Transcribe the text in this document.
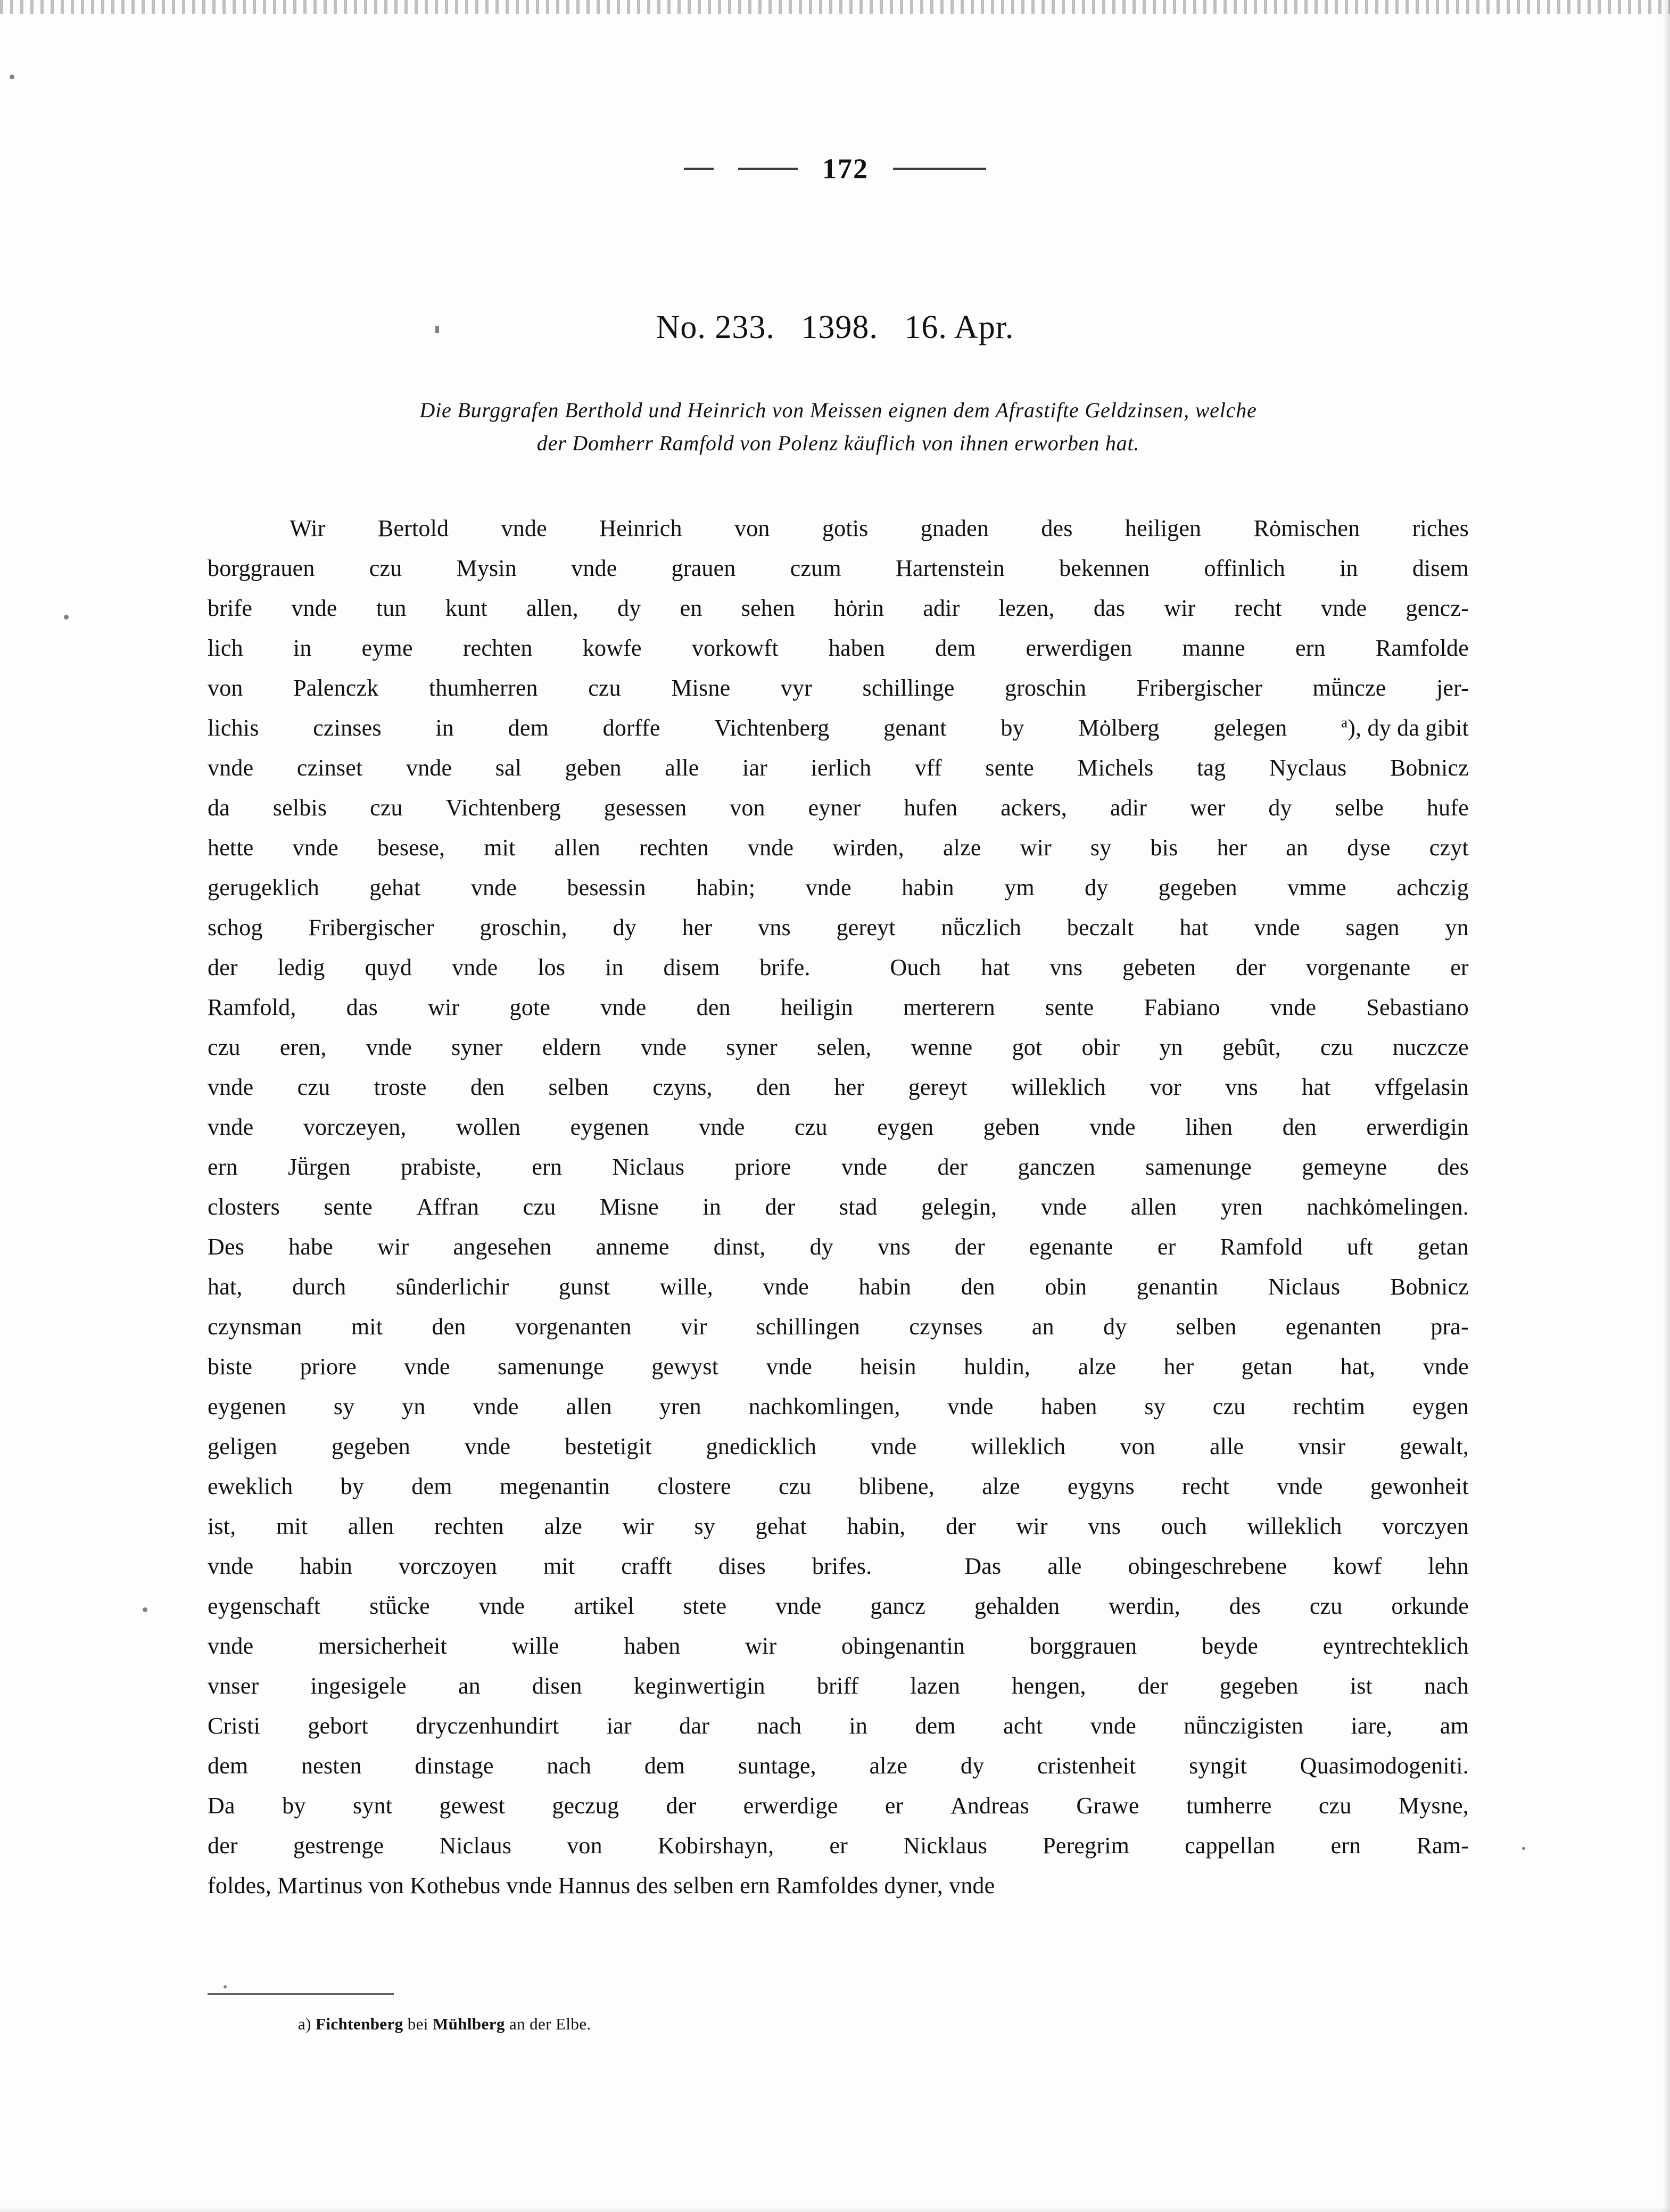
172
No. 233.   1398.   16. Apr.
Die Burggrafen Berthold und Heinrich von Meissen eignen dem Afrastifte Geldzinsen, welche
der Domherr Ramfold von Polenz käuflich von ihnen erworben hat.

Wir Bertold vnde Heinrich von gotis gnaden des heiligen Rȯmischen riches
borggrauen czu Mysin vnde grauen czum Hartenstein bekennen offinlich in disem
brife vnde tun kunt allen, dy en sehen hȯrin adir lezen, das wir recht vnde gencz-
lich in eyme rechten kowfe vorkowft haben dem erwerdigen manne ern Ramfolde
von Palenczk thumherren czu Misne vyr schillinge groschin Fribergischer mṻncze jer-
lichis czinses in dem dorffe Vichtenberg genant by Mȯlberg gelegen	$^a$), dy da gibit
vnde czinset vnde sal geben alle iar ierlich vff sente Michels tag Nyclaus Bobnicz
da selbis czu Vichtenberg gesessen von eyner hufen ackers, adir wer dy selbe hufe
hette vnde besese, mit allen rechten vnde wirden, alze wir sy bis her an dyse czyt
gerugeklich gehat vnde besessin habin; vnde habin ym dy gegeben vmme achczig
schog Fribergischer groschin, dy her vns gereyt nṻczlich beczalt hat vnde sagen yn
der ledig quyd vnde los in disem brife.	Ouch hat vns gebeten der vorgenante er
Ramfold, das wir gote vnde den heiligin merterern sente Fabiano vnde Sebastiano
czu eren, vnde syner eldern vnde syner selen, wenne got obir yn gebȗt, czu nuczcze
vnde czu troste den selben czyns, den her gereyt willeklich vor vns hat vffgelasin
vnde vorczeyen, wollen eygenen vnde czu eygen geben vnde lihen den erwerdigin
ern Jṻrgen prabiste, ern Niclaus priore vnde der ganczen samenunge gemeyne des
closters sente Affran czu Misne in der stad gelegin, vnde allen yren nachkȯmelingen.
Des habe wir angesehen anneme dinst, dy vns der egenante er Ramfold uft getan
hat, durch sȗnderlichir gunst wille, vnde habin den obin genantin Niclaus Bobnicz
czynsman mit den vorgenanten vir schillingen czynses an dy selben egenanten pra-
biste priore vnde samenunge gewyst vnde heisin huldin, alze her getan hat, vnde
eygenen sy yn vnde allen yren nachkomlingen, vnde haben sy czu rechtim eygen
geligen gegeben vnde bestetigit gnedicklich vnde willeklich von alle vnsir gewalt,
eweklich by dem megenantin clostere czu blibene, alze eygyns recht vnde gewonheit
ist, mit allen rechten alze wir sy gehat habin, der wir vns ouch willeklich vorczyen
vnde habin vorczoyen mit crafft dises brifes.	Das alle obingeschrebene kowf lehn
eygenschaft stṻcke vnde artikel stete vnde gancz gehalden werdin, des czu orkunde
vnde	mersicherheit	wille	haben	wir	obingenantin	borggrauen	beyde	eyntrechteklich
vnser ingesigele an disen keginwertigin briff lazen hengen, der gegeben ist nach
Cristi gebort dryczenhundirt iar dar nach in dem acht vnde nṻnczigisten iare, am
dem nesten dinstage nach dem suntage, alze dy cristenheit syngit Quasimodogeniti.
Da by synt gewest geczug der erwerdige er Andreas Grawe tumherre czu Mysne,
der gestrenge Niclaus von Kobirshayn, er Nicklaus Peregrim cappellan ern Ram-
foldes, Martinus von Kothebus vnde Hannus des selben ern Ramfoldes dyner, vnde
a) Fichtenberg bei Mühlberg an der Elbe.
